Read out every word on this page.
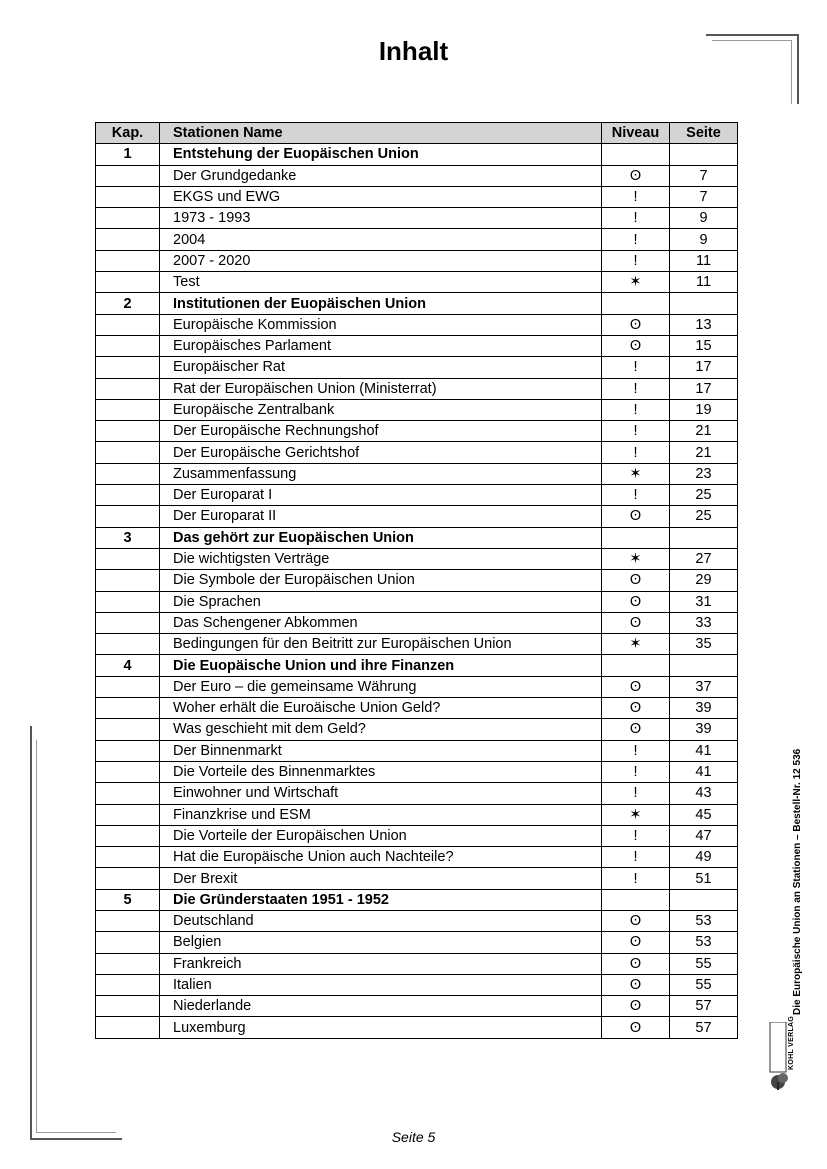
Inhalt
Kap.	Stationen Name	Niveau	Seite
1	Entstehung der Euopäischen Union		
	Der Grundgedanke	ʘ	7
	EKGS und EWG	!	7
	1973 - 1993	!	9
	2004	!	9
	2007 - 2020	!	11
	Test	✶	11
2	Institutionen der Euopäischen Union		
	Europäische Kommission	ʘ	13
	Europäisches Parlament	ʘ	15
	Europäischer Rat	!	17
	Rat der Europäischen Union (Ministerrat)	!	17
	Europäische Zentralbank	!	19
	Der Europäische Rechnungshof	!	21
	Der Europäische Gerichtshof	!	21
	Zusammenfassung	✶	23
	Der Europarat I	!	25
	Der Europarat II	ʘ	25
3	Das gehört zur Euopäischen Union		
	Die wichtigsten Verträge	✶	27
	Die Symbole der Europäischen Union	ʘ	29
	Die Sprachen	ʘ	31
	Das Schengener Abkommen	ʘ	33
	Bedingungen für den Beitritt zur Europäischen Union	✶	35
4	Die Euopäische Union und ihre Finanzen		
	Der Euro – die gemeinsame Währung	ʘ	37
	Woher erhält die Euroäische Union Geld?	ʘ	39
	Was geschieht mit dem Geld?	ʘ	39
	Der Binnenmarkt	!	41
	Die Vorteile des Binnenmarktes	!	41
	Einwohner und Wirtschaft	!	43
	Finanzkrise und ESM	✶	45
	Die Vorteile der Europäischen Union	!	47
	Hat die Europäische Union auch Nachteile?	!	49
	Der Brexit	!	51
5	Die Gründerstaaten 1951 - 1952		
	Deutschland	ʘ	53
	Belgien	ʘ	53
	Frankreich	ʘ	55
	Italien	ʘ	55
	Niederlande	ʘ	57
	Luxemburg	ʘ	57
Die Europäische Union an Stationen – Bestell-Nr. 12 536
KOHL VERLAG
Seite 5
